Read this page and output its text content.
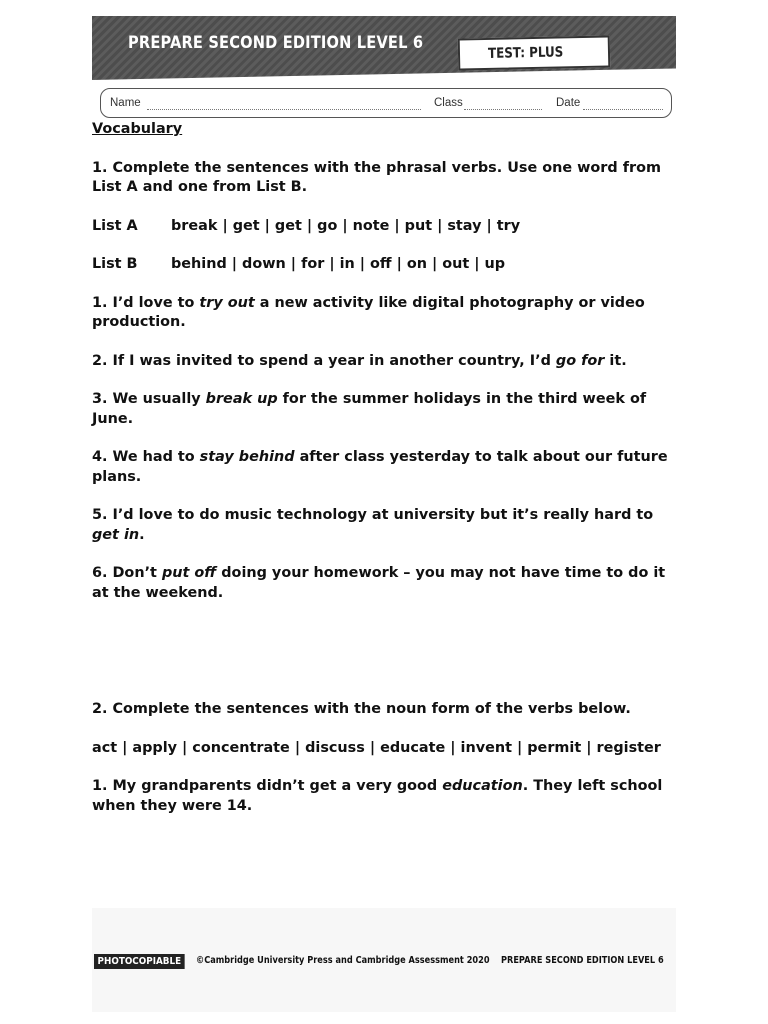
PREPARE SECOND EDITION LEVEL 6
TEST: PLUS
Name	Class	Date

Vocabulary

1. Complete the sentences with the phrasal verbs. Use one word from List A and one from List B.

List A break | get | get | go | note | put | stay | try

List B behind | down | for | in | off | on | out | up

1. I’d love to try out a new activity like digital photography or video production.

2. If I was invited to spend a year in another country, I’d go for it.

3. We usually break up for the summer holidays in the third week of June.

4. We had to stay behind after class yesterday to talk about our future plans.

5. I’d love to do music technology at university but it’s really hard to get in.

6. Don’t put off doing your homework – you may not have time to do it at the weekend.

2. Complete the sentences with the noun form of the verbs below.

act | apply | concentrate | discuss | educate | invent | permit | register

1. My grandparents didn’t get a very good education. They left school when they were 14.

PHOTOCOPIABLE	©Cambridge University Press and Cambridge Assessment 2020 PREPARE SECOND EDITION LEVEL 6
